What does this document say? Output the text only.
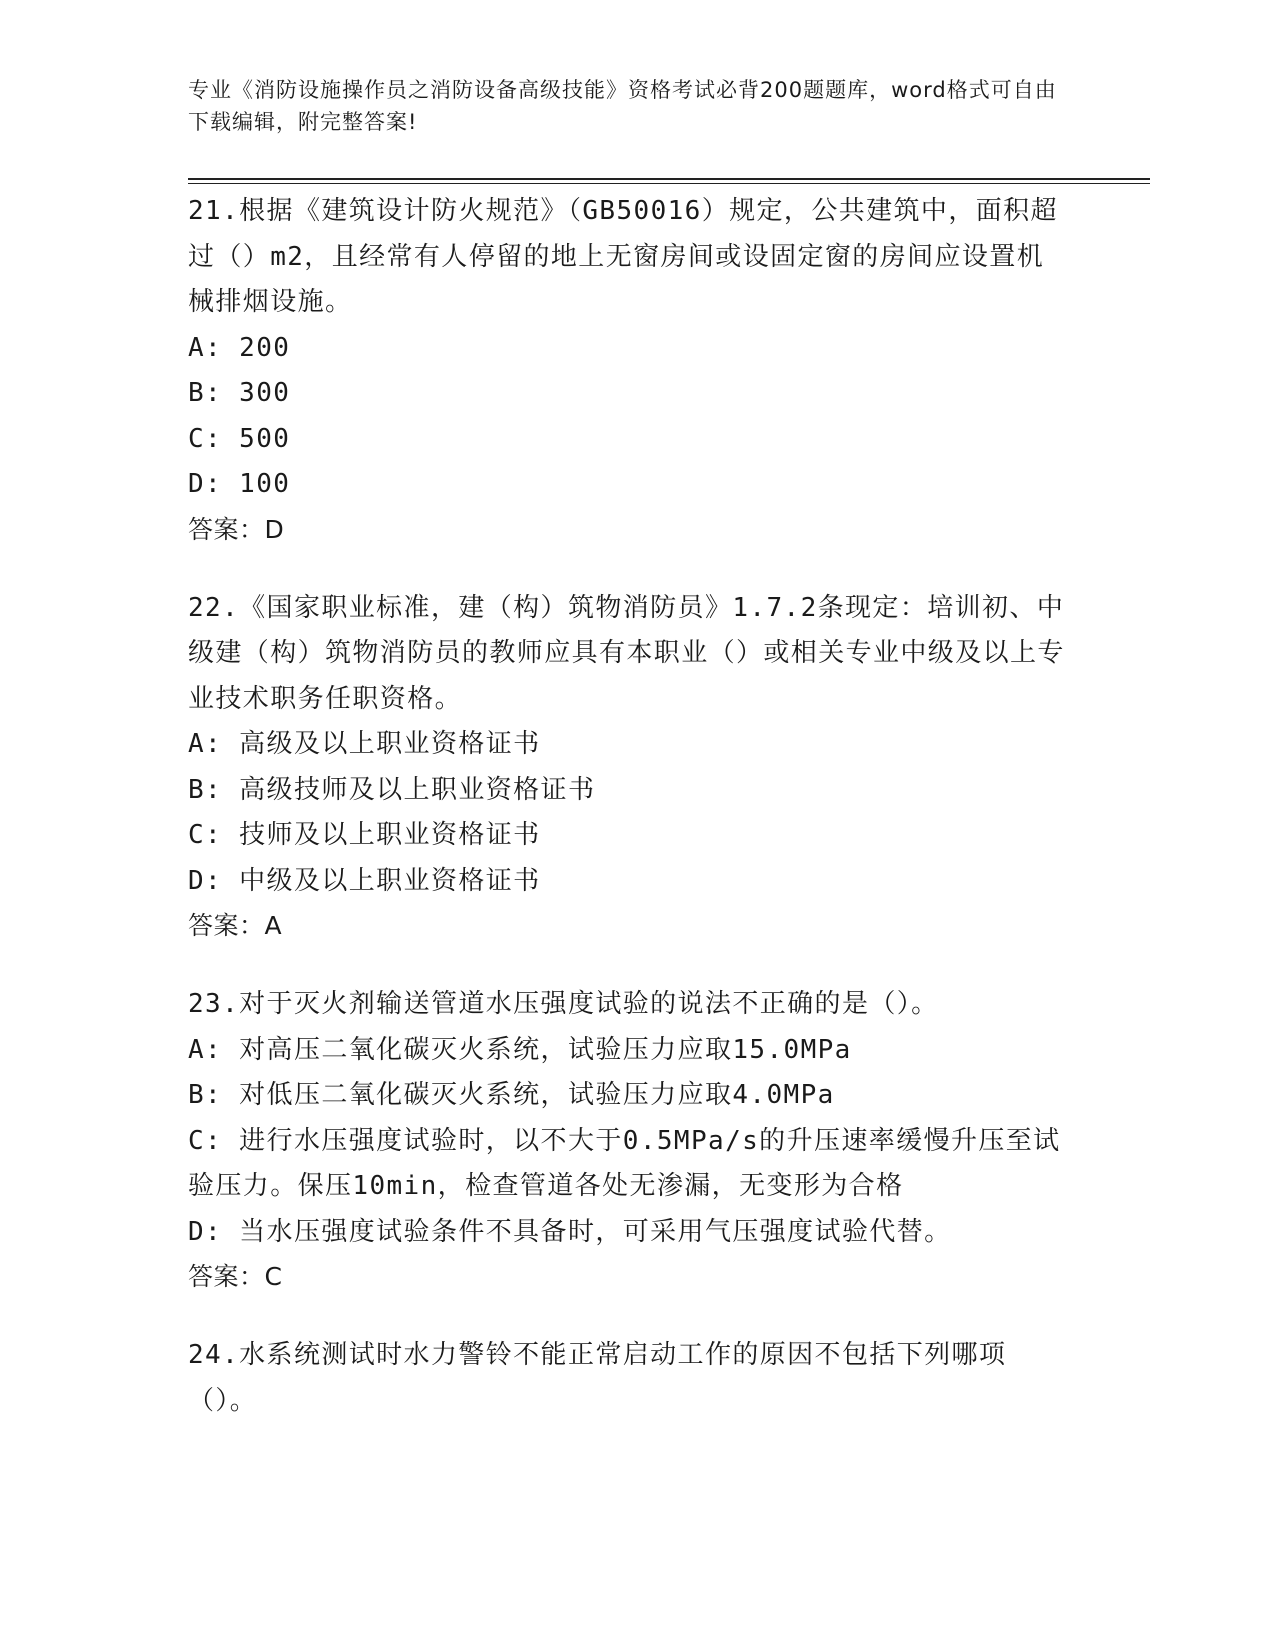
专业《消防设施操作员之消防设备高级技能》资格考试必背200题题库，word格式可自由下载编辑，附完整答案!

21.根据《建筑设计防火规范》（GB50016）规定，公共建筑中，面积超过（）m2，且经常有人停留的地上无窗房间或设固定窗的房间应设置机械排烟设施。

A: 200

B: 300

C: 500

D: 100

答案：D

22.《国家职业标准，建（构）筑物消防员》1.7.2条现定：培训初、中级建（构）筑物消防员的教师应具有本职业（）或相关专业中级及以上专业技术职务任职资格。

A: 高级及以上职业资格证书

B: 高级技师及以上职业资格证书

C: 技师及以上职业资格证书

D: 中级及以上职业资格证书

答案：A

23.对于灭火剂输送管道水压强度试验的说法不正确的是（）。

A: 对高压二氧化碳灭火系统，试验压力应取15.0MPa

B: 对低压二氧化碳灭火系统，试验压力应取4.0MPa

C: 进行水压强度试验时，以不大于0.5MPa/s的升压速率缓慢升压至试验压力。保压10min，检查管道各处无渗漏，无变形为合格

D: 当水压强度试验条件不具备时，可采用气压强度试验代替。

答案：C

24.水系统测试时水力警铃不能正常启动工作的原因不包括下列哪项（）。
